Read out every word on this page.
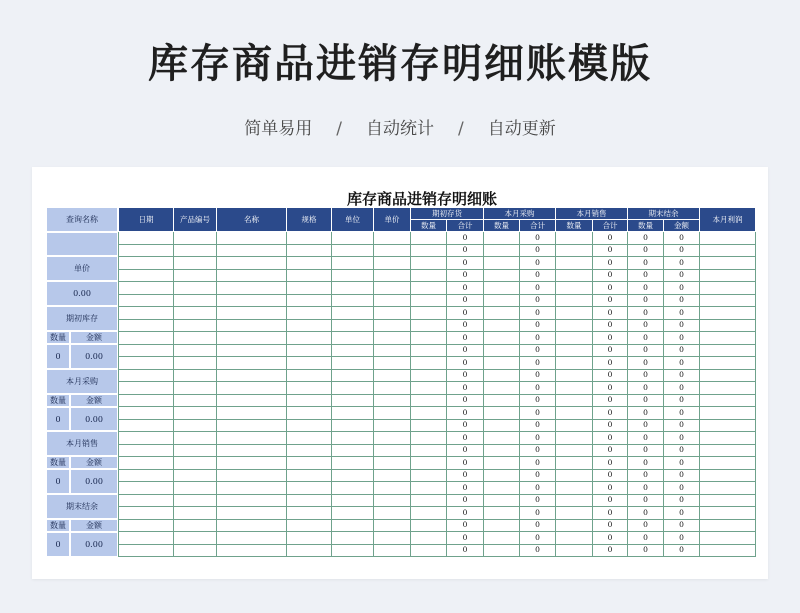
库存商品进销存明细账模版
简单易用 / 自动统计 / 自动更新
库存商品进销存明细账
查询名称
单价
0.00
期初库存
数量	金额
0	0.00
本月采购
数量	金额
0	0.00
本月销售
数量	金额
0	0.00
期末结余
数量	金额
0	0.00
日期	产品编号	名称	规格	单位	单价	期初存货		本月采购		本月销售		期末结余		本月利润
						数量	合计	数量	合计	数量	合计	数量	金额	
							0		0		0	0	0	
							0		0		0	0	0	
							0		0		0	0	0	
							0		0		0	0	0	
							0		0		0	0	0	
							0		0		0	0	0	
							0		0		0	0	0	
							0		0		0	0	0	
							0		0		0	0	0	
							0		0		0	0	0	
							0		0		0	0	0	
							0		0		0	0	0	
							0		0		0	0	0	
							0		0		0	0	0	
							0		0		0	0	0	
							0		0		0	0	0	
							0		0		0	0	0	
							0		0		0	0	0	
							0		0		0	0	0	
							0		0		0	0	0	
							0		0		0	0	0	
							0		0		0	0	0	
							0		0		0	0	0	
							0		0		0	0	0	
							0		0		0	0	0	
							0		0		0	0	0	
